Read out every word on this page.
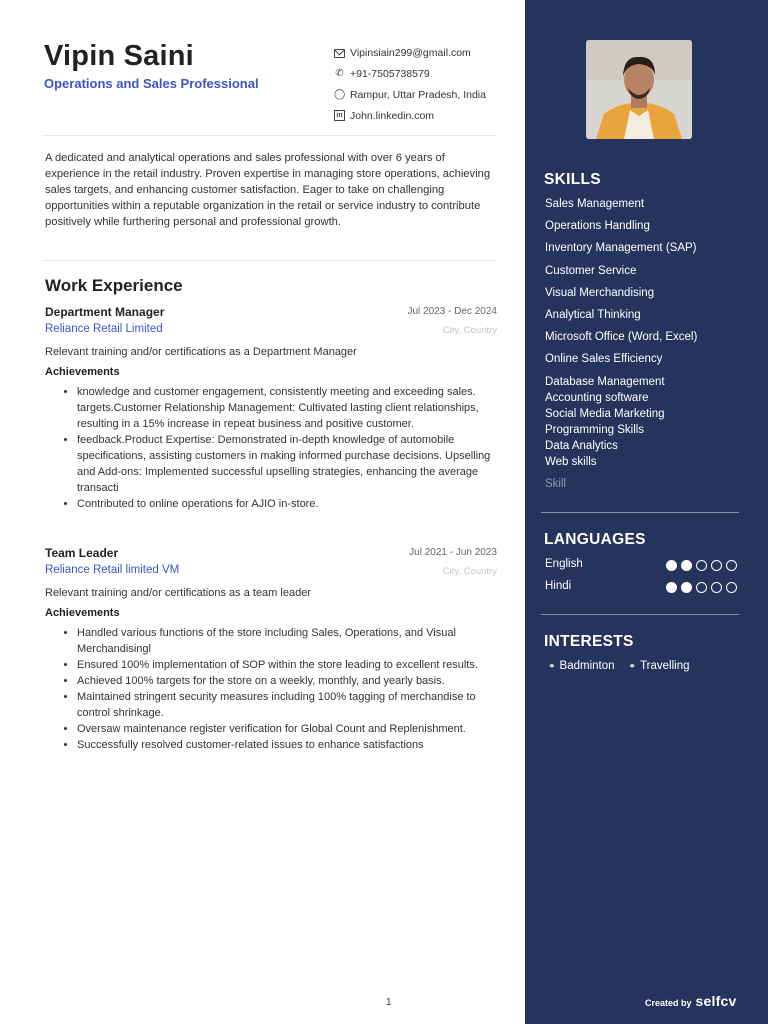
Vipin Saini
Operations and Sales Professional
Vipinsiain299@gmail.com
✆ +91-7505738579
◯ Rampur, Uttar Pradesh, India
in John.linkedin.com
A dedicated and analytical operations and sales professional with over 6 years of experience in the retail industry. Proven expertise in managing store operations, achieving sales targets, and enhancing customer satisfaction. Eager to take on challenging opportunities within a reputable organization in the retail or service industry to contribute positively while furthering personal and professional growth.
Work Experience
Department Manager	Jul 2023 - Dec 2024
Reliance Retail Limited	City, Country
Relevant training and/or certifications as a Department Manager
Achievements
• knowledge and customer engagement, consistently meeting and exceeding sales. targets.Customer Relationship Management: Cultivated lasting client relationships, resulting in a 15% increase in repeat business and positive customer.
• feedback.Product Expertise: Demonstrated in-depth knowledge of automobile specifications, assisting customers in making informed purchase decisions. Upselling and Add-ons: Implemented successful upselling strategies, enhancing the average transacti
• Contributed to online operations for AJIO in-store.
Team Leader	Jul 2021 - Jun 2023
Reliance Retail limited VM	City, Country
Relevant training and/or certifications as a team leader
Achievements
• Handled various functions of the store including Sales, Operations, and Visual Merchandisingl
• Ensured 100% implementation of SOP within the store leading to excellent results.
• Achieved 100% targets for the store on a weekly, monthly, and yearly basis.
• Maintained stringent security measures including 100% tagging of merchandise to control shrinkage.
• Oversaw maintenance register verification for Global Count and Replenishment.
• Successfully resolved customer-related issues to enhance satisfactions
1
SKILLS
Sales Management
Operations Handling
Inventory Management (SAP)
Customer Service
Visual Merchandising
Analytical Thinking
Microsoft Office (Word, Excel)
Online Sales Efficiency
Database Management
Accounting software
Social Media Marketing
Programming Skills
Data Analytics
Web skills
Skill
LANGUAGES
English
Hindi
INTERESTS
⚭ Badminton ⚭ Travelling
Created by selfcv
